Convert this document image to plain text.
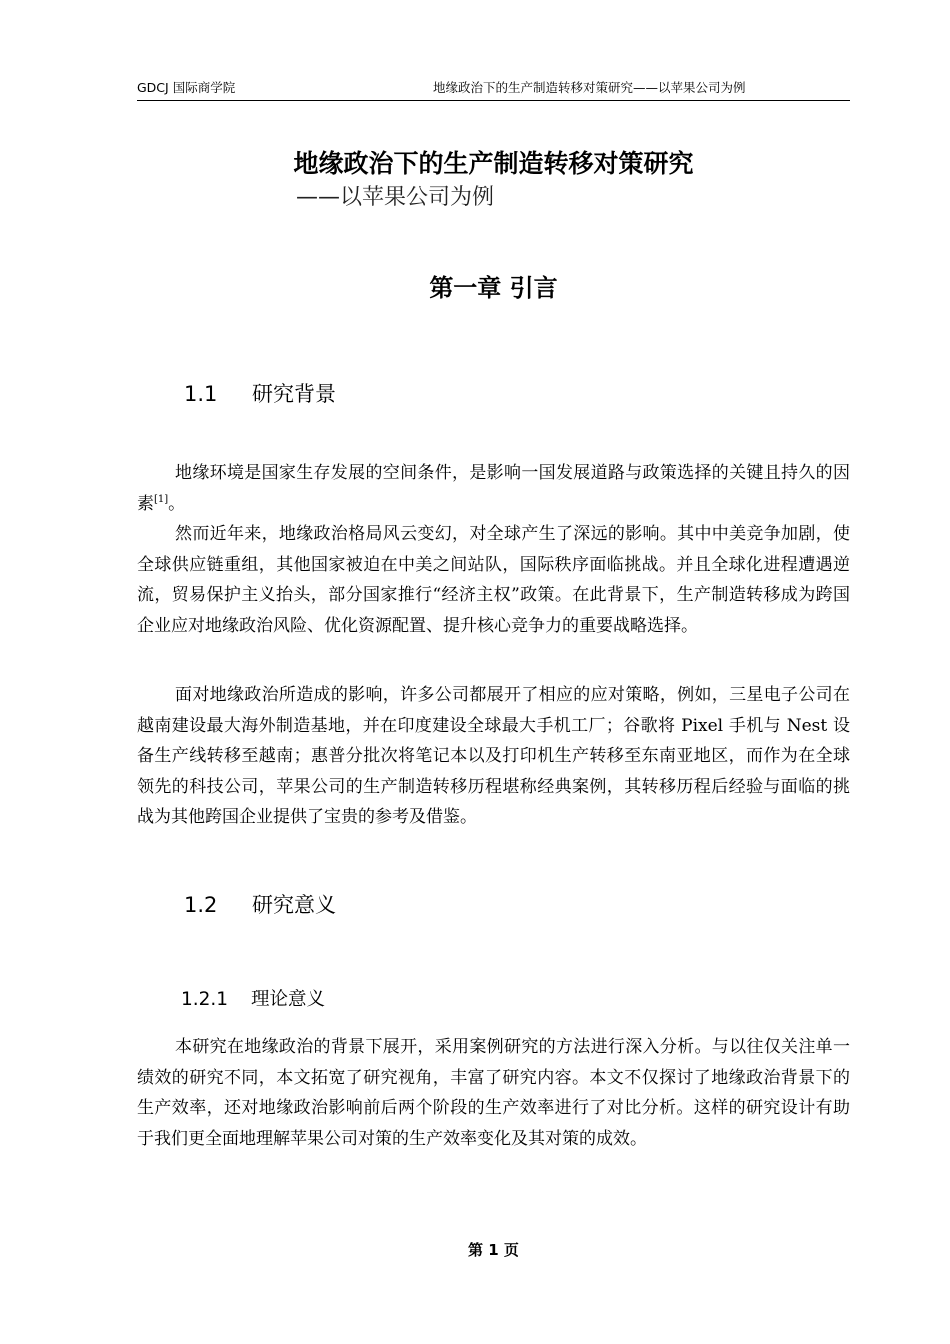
GDCJ 国际商学院	地缘政治下的生产制造转移对策研究——以苹果公司为例
地缘政治下的生产制造转移对策研究
——以苹果公司为例
第一章 引言
1.1 研究背景

地缘环境是国家生存发展的空间条件，是影响一国发展道路与政策选择的关键且持久的因素[1]。

然而近年来，地缘政治格局风云变幻，对全球产生了深远的影响。其中中美竞争加剧，使全球供应链重组，其他国家被迫在中美之间站队，国际秩序面临挑战。并且全球化进程遭遇逆流，贸易保护主义抬头，部分国家推行“经济主权”政策。在此背景下，生产制造转移成为跨国企业应对地缘政治风险、优化资源配置、提升核心竞争力的重要战略选择。

面对地缘政治所造成的影响，许多公司都展开了相应的应对策略，例如，三星电子公司在越南建设最大海外制造基地，并在印度建设全球最大手机工厂；谷歌将 Pixel 手机与 Nest 设备生产线转移至越南；惠普分批次将笔记本以及打印机生产转移至东南亚地区，而作为在全球领先的科技公司，苹果公司的生产制造转移历程堪称经典案例，其转移历程后经验与面临的挑战为其他跨国企业提供了宝贵的参考及借鉴。

1.2 研究意义
1.2.1 理论意义

本研究在地缘政治的背景下展开，采用案例研究的方法进行深入分析。与以往仅关注单一绩效的研究不同，本文拓宽了研究视角，丰富了研究内容。本文不仅探讨了地缘政治背景下的生产效率，还对地缘政治影响前后两个阶段的生产效率进行了对比分析。这样的研究设计有助于我们更全面地理解苹果公司对策的生产效率变化及其对策的成效。

第 1 页
